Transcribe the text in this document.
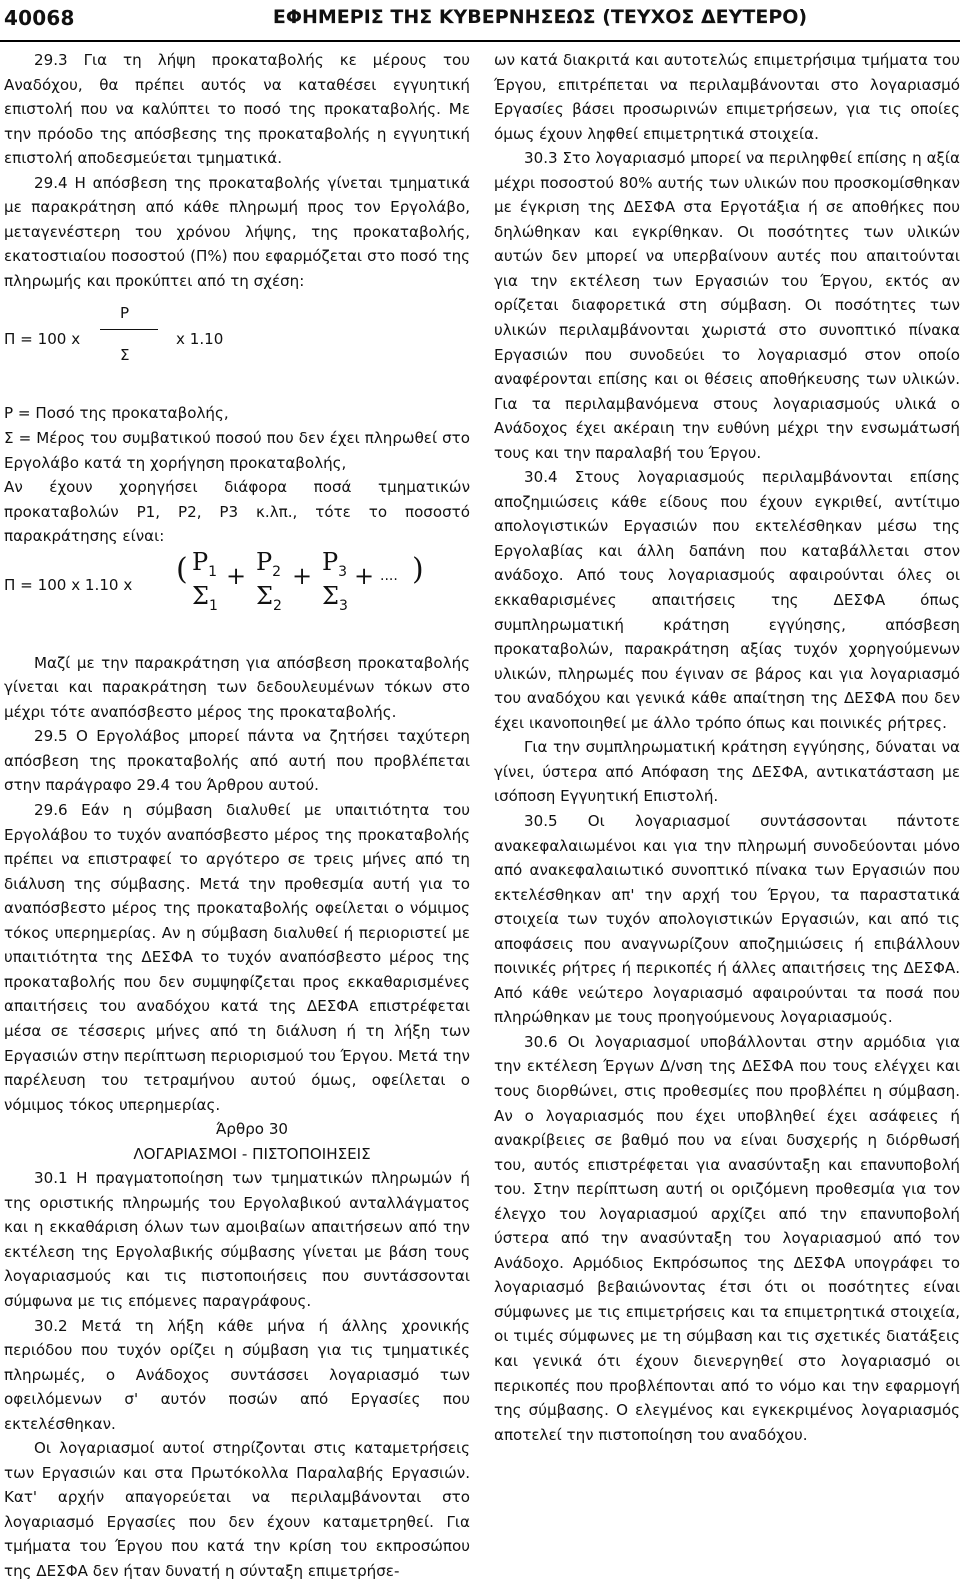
40068	ΕΦΗΜΕΡΙΣ ΤΗΣ ΚΥΒΕΡΝΗΣΕΩΣ (ΤΕΥΧΟΣ ΔΕΥΤΕΡΟ)

29.3 Για τη λήψη προκαταβολής κε μέρους του Αναδόχου, θα πρέπει αυτός να καταθέσει εγγυητική επιστολή που να καλύπτει το ποσό της προκαταβολής. Με την πρόοδο της απόσβεσης της προκαταβολής η εγγυητική επιστολή αποδεσμεύεται τμηματικά.

29.4 Η απόσβεση της προκαταβολής γίνεται τμηματικά με παρακράτηση από κάθε πληρωμή προς τον Εργολάβο, μεταγενέστερη του χρόνου λήψης, της προκαταβολής, εκατοστιαίου ποσοστού (Π%) που εφαρμόζεται στο ποσό της πληρωμής και προκύπτει από τη σχέση:

Π = 100 x
P
Σ
x 1.10

P = Ποσό της προκαταβολής,

Σ = Μέρος του συμβατικού ποσού που δεν έχει πληρωθεί στο Εργολάβο κατά τη χορήγηση προκαταβολής,

Αν έχουν χορηγήσει διάφορα ποσά τμηματικών προκαταβολών P1, P2, P3 κ.λπ., τότε το ποσοστό παρακράτησης είναι:

Π = 100 x 1.10 x ( $P_1 + P_2 + P_3$ + .... )
$\Sigma_1$ $\Sigma_2$ $\Sigma_3$

Μαζί με την παρακράτηση για απόσβεση προκαταβολής γίνεται και παρακράτηση των δεδουλευμένων τόκων στο μέχρι τότε αναπόσβεστο μέρος της προκαταβολής.

29.5 Ο Εργολάβος μπορεί πάντα να ζητήσει ταχύτερη απόσβεση της προκαταβολής από αυτή που προβλέπεται στην παράγραφο 29.4 του Άρθρου αυτού.

29.6 Εάν η σύμβαση διαλυθεί με υπαιτιότητα του Εργολάβου το τυχόν αναπόσβεστο μέρος της προκαταβολής πρέπει να επιστραφεί το αργότερο σε τρεις μήνες από τη διάλυση της σύμβασης. Μετά την προθεσμία αυτή για το αναπόσβεστο μέρος της προκαταβολής οφείλεται ο νόμιμος τόκος υπερημερίας. Αν η σύμβαση διαλυθεί ή περιοριστεί με υπαιτιότητα της ΔΕΣΦΑ το τυχόν αναπόσβεστο μέρος της προκαταβολής που δεν συμψηφίζεται προς εκκαθαρισμένες απαιτήσεις του αναδόχου κατά της ΔΕΣΦΑ επιστρέφεται μέσα σε τέσσερις μήνες από τη διάλυση ή τη λήξη των Εργασιών στην περίπτωση περιορισμού του Έργου. Μετά την παρέλευση του τετραμήνου αυτού όμως, οφείλεται ο νόμιμος τόκος υπερημερίας.

Άρθρο 30

ΛΟΓΑΡΙΑΣΜΟΙ - ΠΙΣΤΟΠΟΙΗΣΕΙΣ

30.1 Η πραγματοποίηση των τμηματικών πληρωμών ή της οριστικής πληρωμής του Εργολαβικού ανταλλάγματος και η εκκαθάριση όλων των αμοιβαίων απαιτήσεων από την εκτέλεση της Εργολαβικής σύμβασης γίνεται με βάση τους λογαριασμούς και τις πιστοποιήσεις που συντάσσονται σύμφωνα με τις επόμενες παραγράφους.

30.2 Μετά τη λήξη κάθε μήνα ή άλλης χρονικής περιόδου που τυχόν ορίζει η σύμβαση για τις τμηματικές πληρωμές, ο Ανάδοχος συντάσσει λογαριασμό των οφειλόμενων σ' αυτόν ποσών από Εργασίες που εκτελέσθηκαν.

Οι λογαριασμοί αυτοί στηρίζονται στις καταμετρήσεις των Εργασιών και στα Πρωτόκολλα Παραλαβής Εργασιών. Κατ' αρχήν απαγορεύεται να περιλαμβάνονται στο λογαριασμό Εργασίες που δεν έχουν καταμετρηθεί. Για τμήματα του Έργου που κατά την κρίση του εκπροσώπου της ΔΕΣΦΑ δεν ήταν δυνατή η σύνταξη επιμετρήσε-

ων κατά διακριτά και αυτοτελώς επιμετρήσιμα τμήματα του Έργου, επιτρέπεται να περιλαμβάνονται στο λογαριασμό Εργασίες βάσει προσωρινών επιμετρήσεων, για τις οποίες όμως έχουν ληφθεί επιμετρητικά στοιχεία.

30.3 Στο λογαριασμό μπορεί να περιληφθεί επίσης η αξία μέχρι ποσοστού 80% αυτής των υλικών που προσκομίσθηκαν με έγκριση της ΔΕΣΦΑ στα Εργοτάξια ή σε αποθήκες που δηλώθηκαν και εγκρίθηκαν. Οι ποσότητες των υλικών αυτών δεν μπορεί να υπερβαίνουν αυτές που απαιτούνται για την εκτέλεση των Εργασιών του Έργου, εκτός αν ορίζεται διαφορετικά στη σύμβαση. Οι ποσότητες των υλικών περιλαμβάνονται χωριστά στο συνοπτικό πίνακα Εργασιών που συνοδεύει το λογαριασμό στον οποίο αναφέρονται επίσης και οι θέσεις αποθήκευσης των υλικών. Για τα περιλαμβανόμενα στους λογαριασμούς υλικά ο Ανάδοχος έχει ακέραιη την ευθύνη μέχρι την ενσωμάτωσή τους και την παραλαβή του Έργου.

30.4 Στους λογαριασμούς περιλαμβάνονται επίσης αποζημιώσεις κάθε είδους που έχουν εγκριθεί, αντίτιμο απολογιστικών Εργασιών που εκτελέσθηκαν μέσω της Εργολαβίας και άλλη δαπάνη που καταβάλλεται στον ανάδοχο. Από τους λογαριασμούς αφαιρούνται όλες οι εκκαθαρισμένες απαιτήσεις της ΔΕΣΦΑ όπως συμπληρωματική κράτηση εγγύησης, απόσβεση προκαταβολών, παρακράτηση αξίας τυχόν χορηγούμενων υλικών, πληρωμές που έγιναν σε βάρος και για λογαριασμό του αναδόχου και γενικά κάθε απαίτηση της ΔΕΣΦΑ που δεν έχει ικανοποιηθεί με άλλο τρόπο όπως και ποινικές ρήτρες.

Για την συμπληρωματική κράτηση εγγύησης, δύναται να γίνει, ύστερα από Απόφαση της ΔΕΣΦΑ, αντικατάσταση με ισόποση Εγγυητική Επιστολή.

30.5 Οι λογαριασμοί συντάσσονται πάντοτε ανακεφαλαιωμένοι και για την πληρωμή συνοδεύονται μόνο από ανακεφαλαιωτικό συνοπτικό πίνακα των Εργασιών που εκτελέσθηκαν απ' την αρχή του Έργου, τα παραστατικά στοιχεία των τυχόν απολογιστικών Εργασιών, και από τις αποφάσεις που αναγνωρίζουν αποζημιώσεις ή επιβάλλουν ποινικές ρήτρες ή περικοπές ή άλλες απαιτήσεις της ΔΕΣΦΑ. Από κάθε νεώτερο λογαριασμό αφαιρούνται τα ποσά που πληρώθηκαν με τους προηγούμενους λογαριασμούς.

30.6 Οι λογαριασμοί υποβάλλονται στην αρμόδια για την εκτέλεση Έργων Δ/νση της ΔΕΣΦΑ που τους ελέγχει και τους διορθώνει, στις προθεσμίες που προβλέπει η σύμβαση. Αν ο λογαριασμός που έχει υποβληθεί έχει ασάφειες ή ανακρίβειες σε βαθμό που να είναι δυσχερής η διόρθωσή του, αυτός επιστρέφεται για ανασύνταξη και επανυποβολή του. Στην περίπτωση αυτή οι οριζόμενη προθεσμία για τον έλεγχο του λογαριασμού αρχίζει από την επανυποβολή ύστερα από την ανασύνταξη του λογαριασμού από τον Ανάδοχο. Αρμόδιος Εκπρόσωπος της ΔΕΣΦΑ υπογράφει το λογαριασμό βεβαιώνοντας έτσι ότι οι ποσότητες είναι σύμφωνες με τις επιμετρήσεις και τα επιμετρητικά στοιχεία, οι τιμές σύμφωνες με τη σύμβαση και τις σχετικές διατάξεις και γενικά ότι έχουν διενεργηθεί στο λογαριασμό οι περικοπές που προβλέπονται από το νόμο και την εφαρμογή της σύμβασης. Ο ελεγμένος και εγκεκριμένος λογαριασμός αποτελεί την πιστοποίηση του αναδόχου.
